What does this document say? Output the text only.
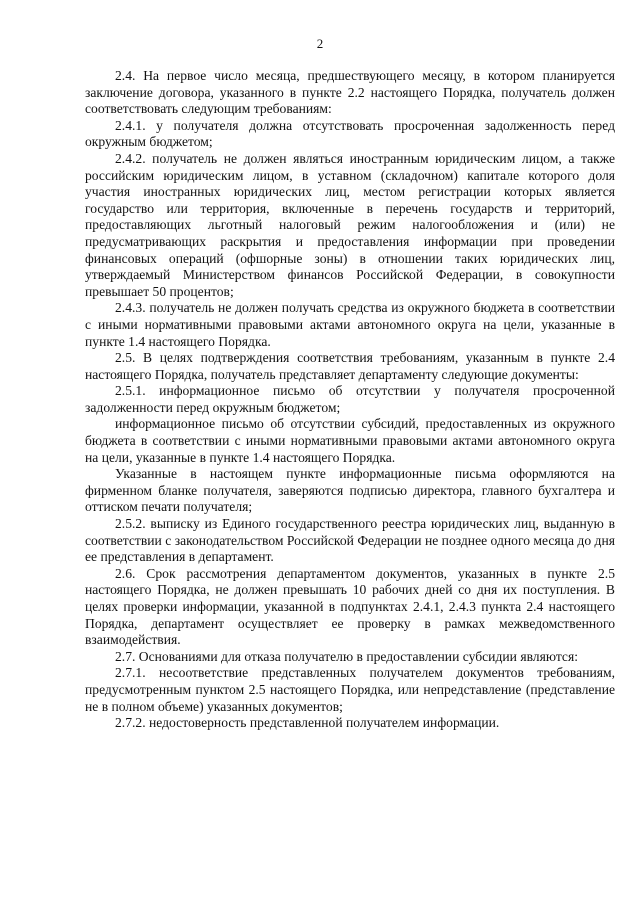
2

2.4. На первое число месяца, предшествующего месяцу, в котором планируется заключение договора, указанного в пункте 2.2 настоящего Порядка, получатель должен соответствовать следующим требованиям:

2.4.1. у получателя должна отсутствовать просроченная задолженность перед окружным бюджетом;

2.4.2. получатель не должен являться иностранным юридическим лицом, а также российским юридическим лицом, в уставном (складочном) капитале которого доля участия иностранных юридических лиц, местом регистрации которых является государство или территория, включенные в перечень государств и территорий, предоставляющих льготный налоговый режим налогообложения и (или) не предусматривающих раскрытия и предоставления информации при проведении финансовых операций (офшорные зоны) в отношении таких юридических лиц, утверждаемый Министерством финансов Российской Федерации, в совокупности превышает 50 процентов;

2.4.3. получатель не должен получать средства из окружного бюджета в соответствии с иными нормативными правовыми актами автономного округа на цели, указанные в пункте 1.4 настоящего Порядка.

2.5. В целях подтверждения соответствия требованиям, указанным в пункте 2.4 настоящего Порядка, получатель представляет департаменту следующие документы:

2.5.1. информационное письмо об отсутствии у получателя просроченной задолженности перед окружным бюджетом;

информационное письмо об отсутствии субсидий, предоставленных из окружного бюджета в соответствии с иными нормативными правовыми актами автономного округа на цели, указанные в пункте 1.4 настоящего Порядка.

Указанные в настоящем пункте информационные письма оформляются на фирменном бланке получателя, заверяются подписью директора, главного бухгалтера и оттиском печати получателя;

2.5.2. выписку из Единого государственного реестра юридических лиц, выданную в соответствии с законодательством Российской Федерации не позднее одного месяца до дня ее представления в департамент.

2.6. Срок рассмотрения департаментом документов, указанных в пункте 2.5 настоящего Порядка, не должен превышать 10 рабочих дней со дня их поступления. В целях проверки информации, указанной в подпунктах 2.4.1, 2.4.3 пункта 2.4 настоящего Порядка, департамент осуществляет ее проверку в рамках межведомственного взаимодействия.

2.7. Основаниями для отказа получателю в предоставлении субсидии являются:

2.7.1. несоответствие представленных получателем документов требованиям, предусмотренным пунктом 2.5 настоящего Порядка, или непредставление (представление не в полном объеме) указанных документов;

2.7.2. недостоверность представленной получателем информации.
